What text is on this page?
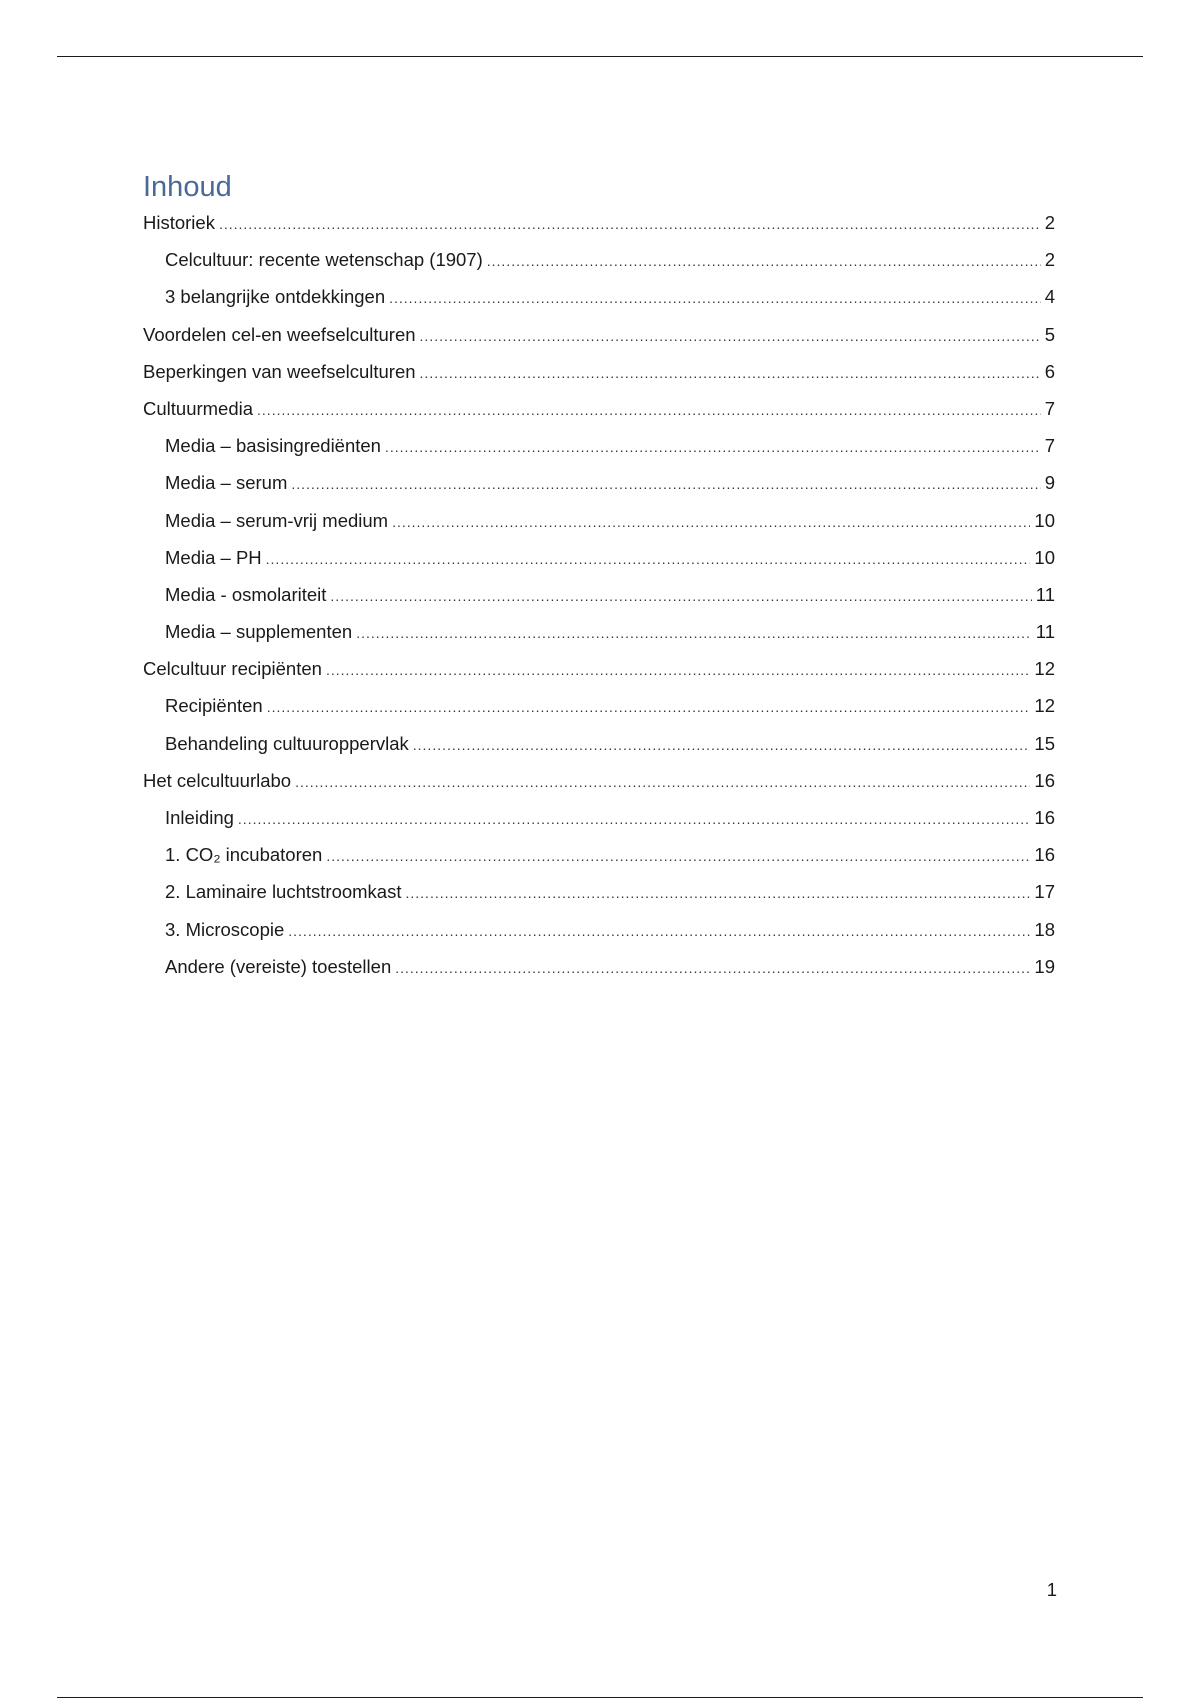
Inhoud
Historiek .....	2
Celcultuur: recente wetenschap (1907) .....	2
3 belangrijke ontdekkingen .....	4
Voordelen cel-en weefselculturen .....	5
Beperkingen van weefselculturen .....	6
Cultuurmedia .....	7
Media – basisingrediënten .....	7
Media – serum .....	9
Media – serum-vrij medium .....	10
Media – PH .....	10
Media - osmolariteit .....	11
Media – supplementen .....	11
Celcultuur recipiënten .....	12
Recipiënten .....	12
Behandeling cultuuroppervlak .....	15
Het celcultuurlabo .....	16
Inleiding .....	16
1. CO₂ incubatoren .....	16
2. Laminaire luchtstroomkast .....	17
3. Microscopie .....	18
Andere (vereiste) toestellen .....	19
1
